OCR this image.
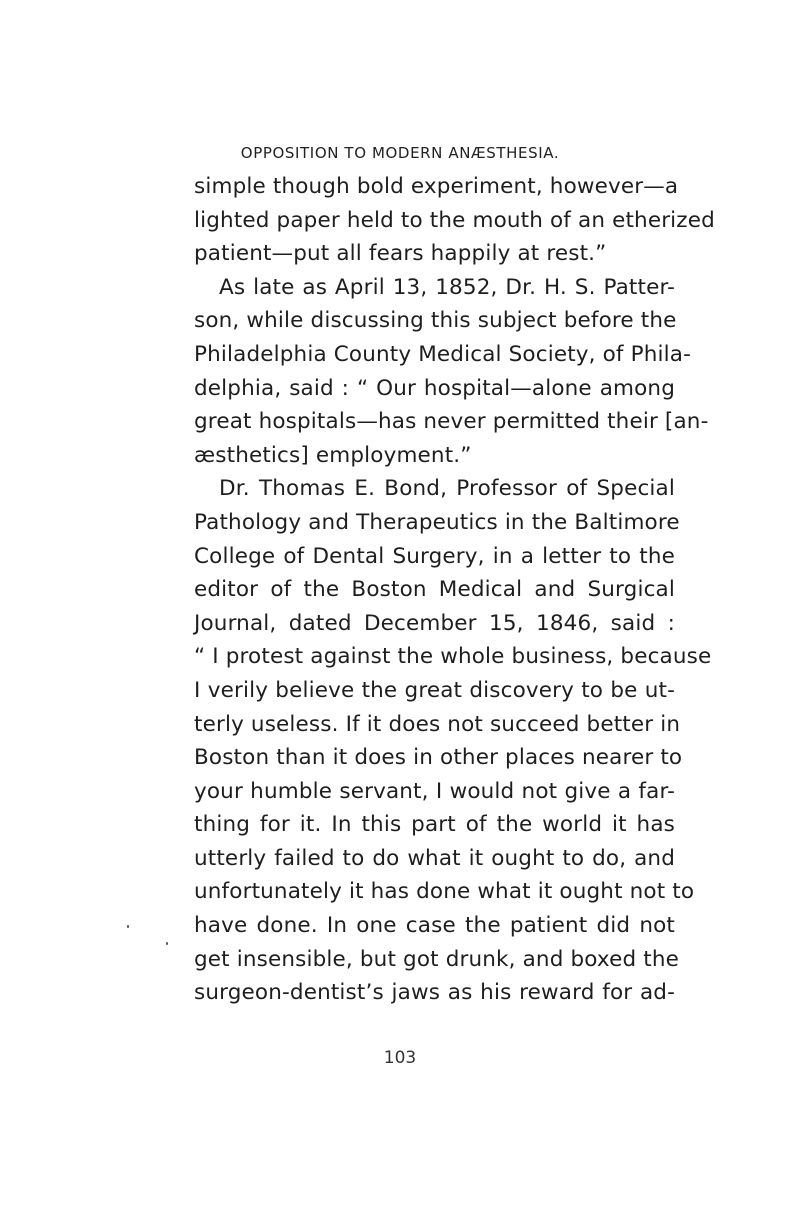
OPPOSITION TO MODERN ANÆSTHESIA.
simple though bold experiment, however—a
lighted paper held to the mouth of an etherized
patient—put all fears happily at rest.”
As late as April 13, 1852, Dr. H. S. Patter-
son, while discussing this subject before the
Philadelphia County Medical Society, of Phila-
delphia, said : “ Our hospital—alone among
great hospitals—has never permitted their [an-
æsthetics] employment.”
Dr. Thomas E. Bond, Professor of Special
Pathology and Therapeutics in the Baltimore
College of Dental Surgery, in a letter to the
editor of the Boston Medical and Surgical
Journal, dated December 15, 1846, said :
“ I protest against the whole business, because
I verily believe the great discovery to be ut-
terly useless. If it does not succeed better in
Boston than it does in other places nearer to
your humble servant, I would not give a far-
thing for it. In this part of the world it has
utterly failed to do what it ought to do, and
unfortunately it has done what it ought not to
have done. In one case the patient did not
get insensible, but got drunk, and boxed the
surgeon-dentist’s jaws as his reward for ad-
103
